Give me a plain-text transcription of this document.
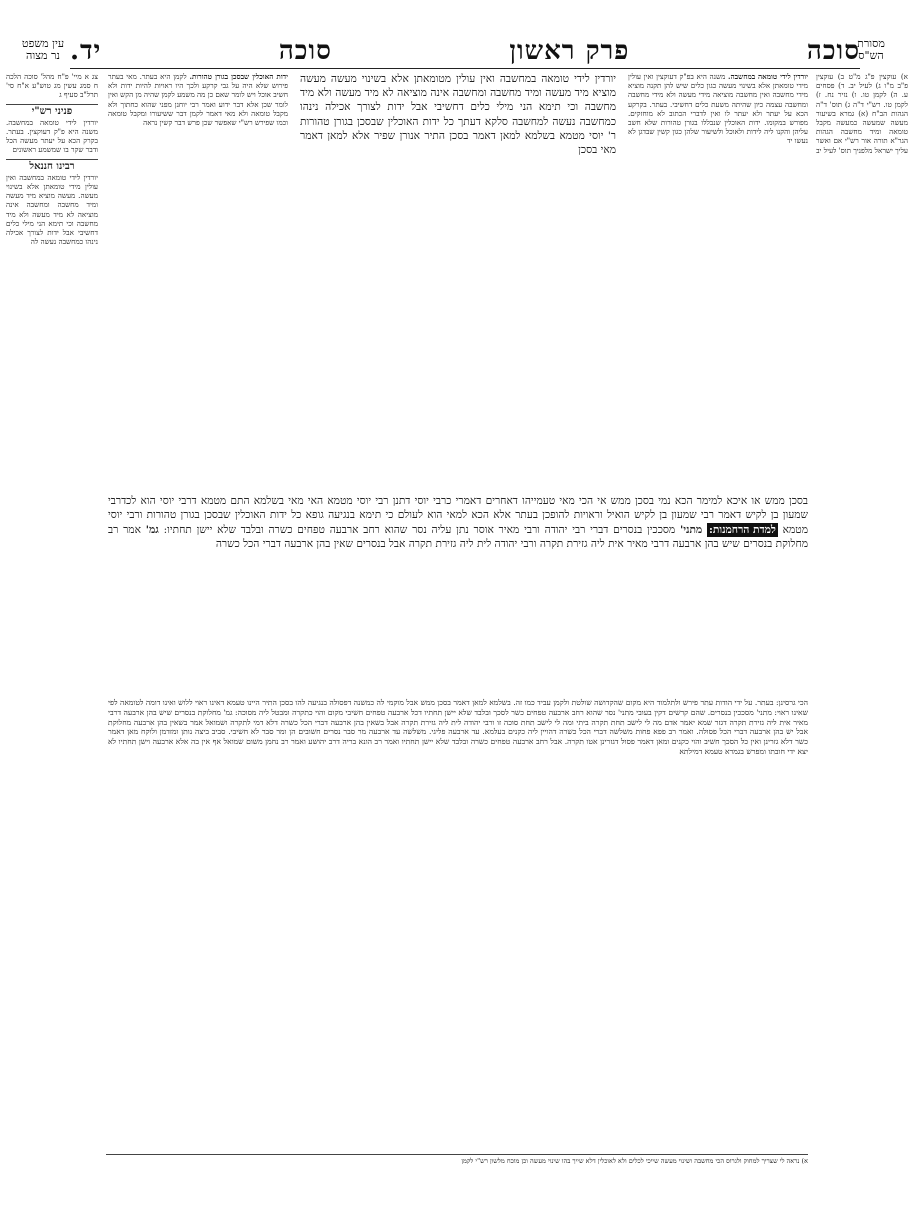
מסורת
הש"ס
עין משפט
נר מצוה	סוכה
פרק ראשון
סוכה
יד.

א) עוקצין פ"ג מ"ט ב) עוקצין פ"ב מ"ו ג) לעיל יב. ד) פסחים ע. ה) לקמן טו. ו) נזיר נח. ז) לקמן טו. רש"י ד"ה ג) תוס' ד"ה הגהות הב"ח (א) גמרא בשיעור מעשה שמעשה כמעשה מקבל טומאה ומיד מחשבה הגהות הגר"א תורה אור רש"י אם ואשר עליך ישראל מלפניך תוס' לעיל יב

צג א מיי' פ"ח מהל' סוכה הלכה ח סמג עשין מג טוש"ע א"ח סי' תרל"ב סעיף ג

פניני רש"י

יורדין לידי טומאה במחשבה. משנה היא פ"ק דעוקצין. בעתר. בקרק הכא על יעתר מעשה הכל ודבר שקר בו שמשמע ראשונים

רבינו חננאל

יורדין לידי טומאה במחשבה ואין עולין מידי טומאתן אלא בשינוי מעשה. מעשה מוציא מיד מעשה ומיד מחשבה ומחשבה אינה מוציאה לא מיד מעשה ולא מיד מחשבה וכי תימא הני מילי כלים דחשיבי אבל ידות לצורך אכילה נינהו כמחשבה נעשה לה

יורדין לידי טומאה במחשבה. משנה היא בפ"ק דעוקצין ואין עולין מידי טומאתן אלא בשינוי מעשה כגון כלים שיש להן תקנה מוציא מידי מחשבה ואין מחשבה מוציאה מידי מעשה ולא מידי מחשבה ומחשבה עצמה כיון שהיתה משעת כלים דחשיבי. בעתר. בקרקע הכא על יעתר ולא יעתר לו ואין לדברי הכתוב לא מוחזקים. מפורש במקומו. ידות האוכלין שנבללו בגורן טהורות שלא חשב עליהן והקנו ליה לידות ולאוכל ולשיעור שלהן כגון קשין שבדגן לא נעשו יד
יורדין לידי טומאה במחשבה ואין עולין מטומאתן אלא בשינוי מעשה מעשה מוציא מיד מעשה ומיד מחשבה ומחשבה אינה מוציאה לא מיד מעשה ולא מיד מחשבה וכי תימא הני מילי כלים דחשיבי אבל ידות לצורך אכילה נינהו כמחשבה נעשה למחשבה סלקא דעתך כל ידות האוכלין שבסכן בגורן טהורות ר' יוסי מטמא בשלמא למאן דאמר בסכן התיר אנורן שפיר אלא למאן דאמר מאי בסכן
ידות האוכלין שבסכן בגורן טהורות. לקמן היא בעתר. מאי בעתר פירוש שלא היה על גבי קרקע ולכך היו ראויות להיות ידות ולא חשיב אוכל ויש לומר שאם כן מה משמע לקמן שהיה מן הקש ואין לומר שכן אלא דבר ידוע ואמר רבי יוחנן מפני שהוא כחתוך ולא מקבל טומאה ולא מאי דאמר לקמן דבר ששיעורו ומקבל טומאה וכמו שפירש רש"י שאפשר שכן פרש דבר קשין נראה
בסכן ממש או איכא למימר הכא נמי בסכן ממש אי הכי מאי טעמייהו דאחרים דאמרי כרבי יוסי דתנן רבי יוסי מטמא האי מאי בשלמא התם מטמא דרבי יוסי הוא לכדרבי שמעון בן לקיש דאמר רבי שמעון בן לקיש הואיל וראויות להופכן בעתר אלא הכא למאי הוא לעולם כי תימא בנגיעה גופא כל ידות האוכלין שבסכן בגורן טהורות ורבי יוסי מטמא למדת הרחמנות: מתני' מסככין בנסרים דברי רבי יהודה ורבי מאיר אוסר נתן עליה נסר שהוא רחב ארבעה טפחים כשרה ובלבד שלא יישן תחתיו: גמ' אמר רב מחלוקת בנסרים שיש בהן ארבעה דרבי מאיר אית ליה גזירת תקרה ורבי יהודה לית ליה גזירת תקרה אבל בנסרים שאין בהן ארבעה דברי הכל כשרה
הכי גרסינן: בעתר. על ידי הודות עתר פירש ולתלמוד היא מקום שהקדושה שולטת ולקמן עביד כמו זה. בשלמא למאן דאמר בסכן ממש אבל מוקמי לה כמשנה דפסולה בנגיעה להו בסכן התיר היינו טעמא דאינו ראוי ללוש ואינו דומה לטומאה לפי שאינו ראוי: מתני' מסככין בנסרים. שהם קרשים דקין בעובי מתני' נסר שהוא רחב ארבעה טפחים כשר לסכך ובלבד שלא יישן תחתיו דכל ארבעה טפחים חשיבי מקום והוי כתקרה ומבטל ליה מסוכה: גמ' מחלוקת בנסרים שיש בהן ארבעה דרבי מאיר אית ליה גזירת תקרה דגזר שמא יאמר אדם מה לי לישב תחת תקרה ביתי ומה לי לישב תחת סוכה זו ורבי יהודה לית ליה גזירת תקרה אבל בשאין בהן ארבעה דברי הכל כשרה דלא דמי לתקרה ושמואל אמר בשאין בהן ארבעה מחלוקת אבל יש בהן ארבעה דברי הכל פסולה. ואמר רב פפא פחות משלשה דברי הכל כשרה דהויין ליה כקנים בעלמא. עד ארבעה פליגי. משלשה עד ארבעה מר סבר נסרים חשובים הן ומר סבר לא חשיבי. סביב ביצה נותן ומזדמן ולוקח מאן דאמר כשר דלא גזרינן ואין כל הסכך חשיב והוי כקנים ומאן דאמר פסול דגזרינן אטו תקרה. אבל רחב ארבעה טפחים כשרה ובלבד שלא יישן תחתיו ואמר רב הונא בריה דרב יהושע ואמר רב נחמן משום שמואל אף אין בה אלא ארבעה וישן תחתיו לא יצא ידי חובתו ומפרש בגמרא טעמא דמילתא
א) נראה לי שצריך למחוק ולגרוס הכי מחשבה ושינוי מעשה שייכי לכלים ולא לאוכלין דלא שייך בהו שינוי מעשה וכן מוכח מלשון רש"י לקמן
